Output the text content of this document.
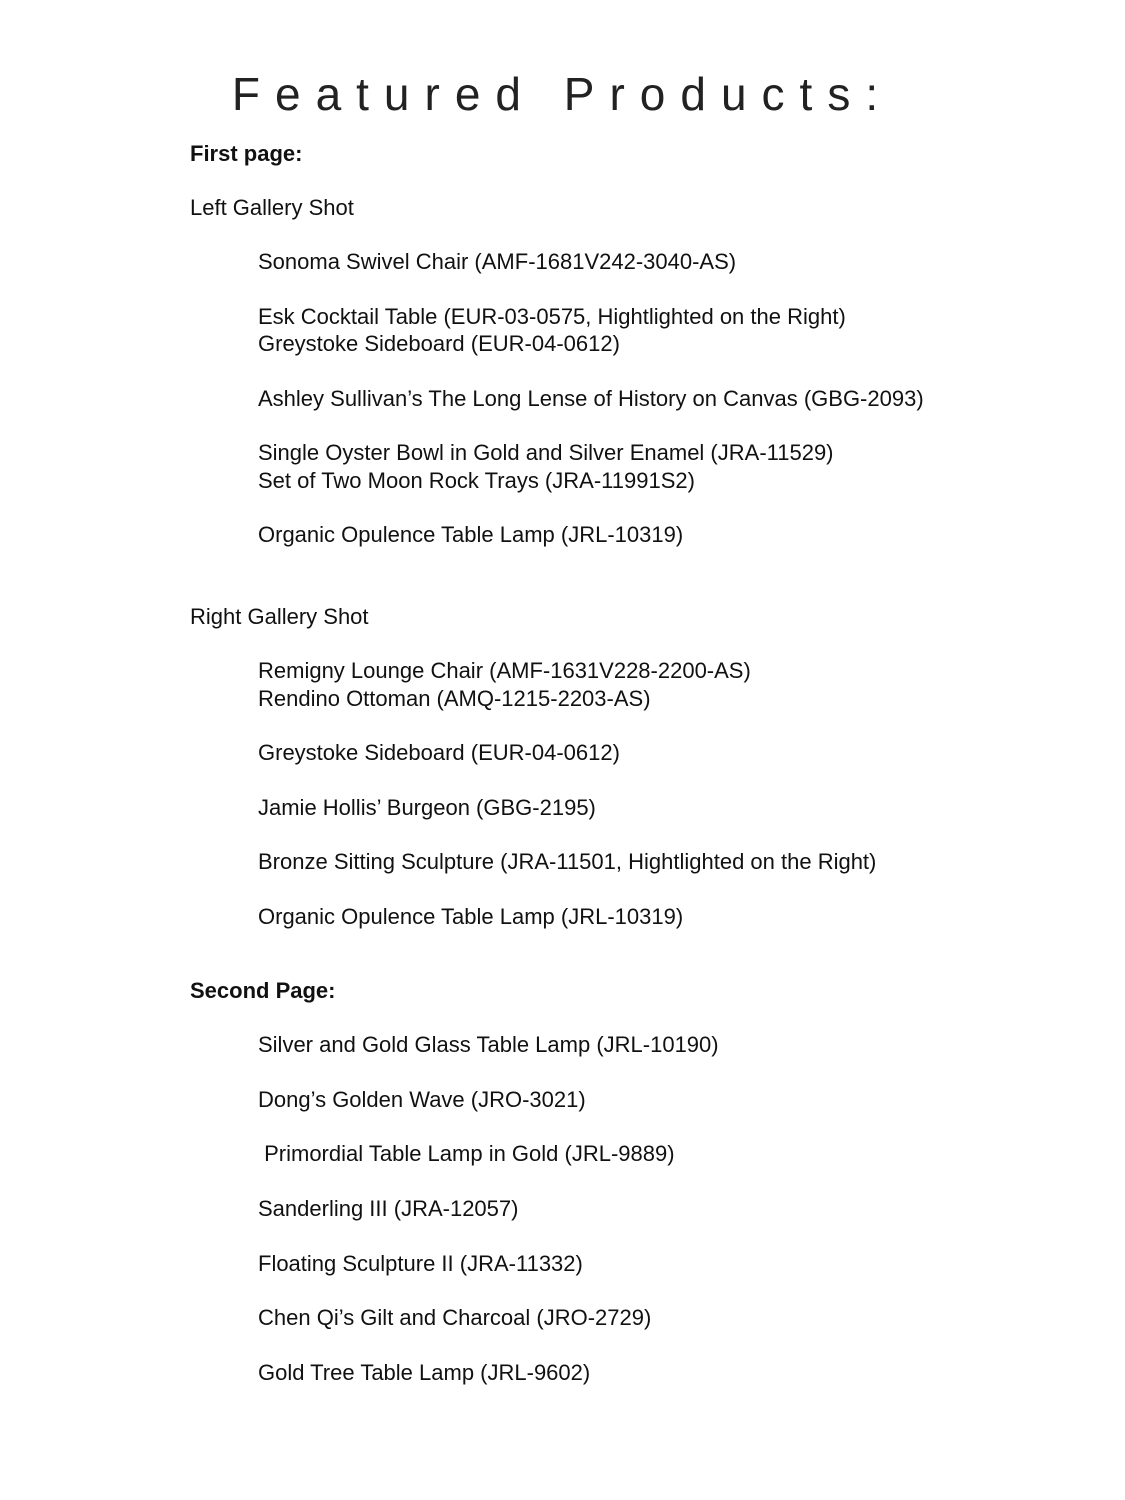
Featured Products:
First page:
Left Gallery Shot
Sonoma Swivel Chair (AMF-1681V242-3040-AS)
Esk Cocktail Table (EUR-03-0575, Hightlighted on the Right)
Greystoke Sideboard (EUR-04-0612)
Ashley Sullivan’s The Long Lense of History on Canvas (GBG-2093)
Single Oyster Bowl in Gold and Silver Enamel (JRA-11529)
Set of Two Moon Rock Trays (JRA-11991S2)
Organic Opulence Table Lamp (JRL-10319)
Right Gallery Shot
Remigny Lounge Chair (AMF-1631V228-2200-AS)
Rendino Ottoman (AMQ-1215-2203-AS)
Greystoke Sideboard (EUR-04-0612)
Jamie Hollis’ Burgeon (GBG-2195)
Bronze Sitting Sculpture (JRA-11501, Hightlighted on the Right)
Organic Opulence Table Lamp (JRL-10319)
Second Page:
Silver and Gold Glass Table Lamp (JRL-10190)
Dong’s Golden Wave (JRO-3021)
Primordial Table Lamp in Gold (JRL-9889)
Sanderling III (JRA-12057)
Floating Sculpture II (JRA-11332)
Chen Qi’s Gilt and Charcoal (JRO-2729)
Gold Tree Table Lamp (JRL-9602)
